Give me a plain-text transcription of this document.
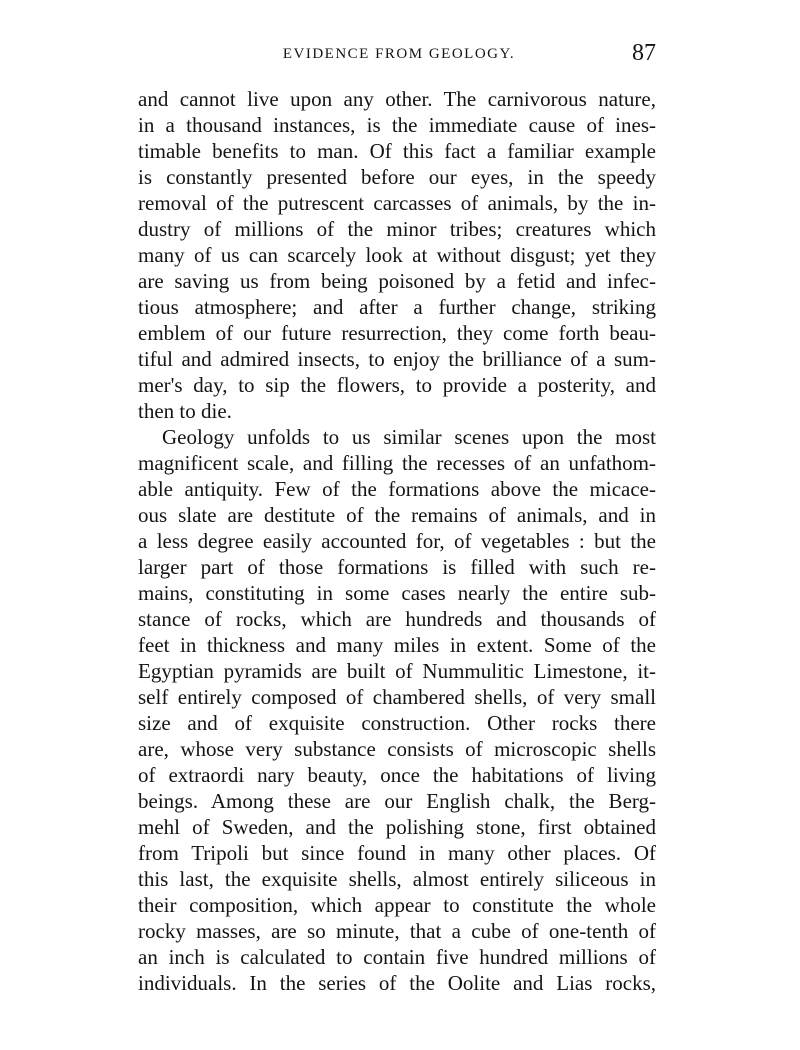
EVIDENCE FROM GEOLOGY.	87
and cannot live upon any other. The carnivorous nature,
in a thousand instances, is the immediate cause of ines-
timable benefits to man. Of this fact a familiar example
is constantly presented before our eyes, in the speedy
removal of the putrescent carcasses of animals, by the in-
dustry of millions of the minor tribes; creatures which
many of us can scarcely look at without disgust; yet they
are saving us from being poisoned by a fetid and infec-
tious atmosphere; and after a further change, striking
emblem of our future resurrection, they come forth beau-
tiful and admired insects, to enjoy the brilliance of a sum-
mer's day, to sip the flowers, to provide a posterity, and
then to die.
Geology unfolds to us similar scenes upon the most
magnificent scale, and filling the recesses of an unfathom-
able antiquity. Few of the formations above the micace-
ous slate are destitute of the remains of animals, and in
a less degree easily accounted for, of vegetables : but the
larger part of those formations is filled with such re-
mains, constituting in some cases nearly the entire sub-
stance of rocks, which are hundreds and thousands of
feet in thickness and many miles in extent. Some of the
Egyptian pyramids are built of Nummulitic Limestone, it-
self entirely composed of chambered shells, of very small
size and of exquisite construction. Other rocks there
are, whose very substance consists of microscopic shells
of extraordi nary beauty, once the habitations of living
beings. Among these are our English chalk, the Berg-
mehl of Sweden, and the polishing stone, first obtained
from Tripoli but since found in many other places. Of
this last, the exquisite shells, almost entirely siliceous in
their composition, which appear to constitute the whole
rocky masses, are so minute, that a cube of one-tenth of
an inch is calculated to contain five hundred millions of
individuals. In the series of the Oolite and Lias rocks,
